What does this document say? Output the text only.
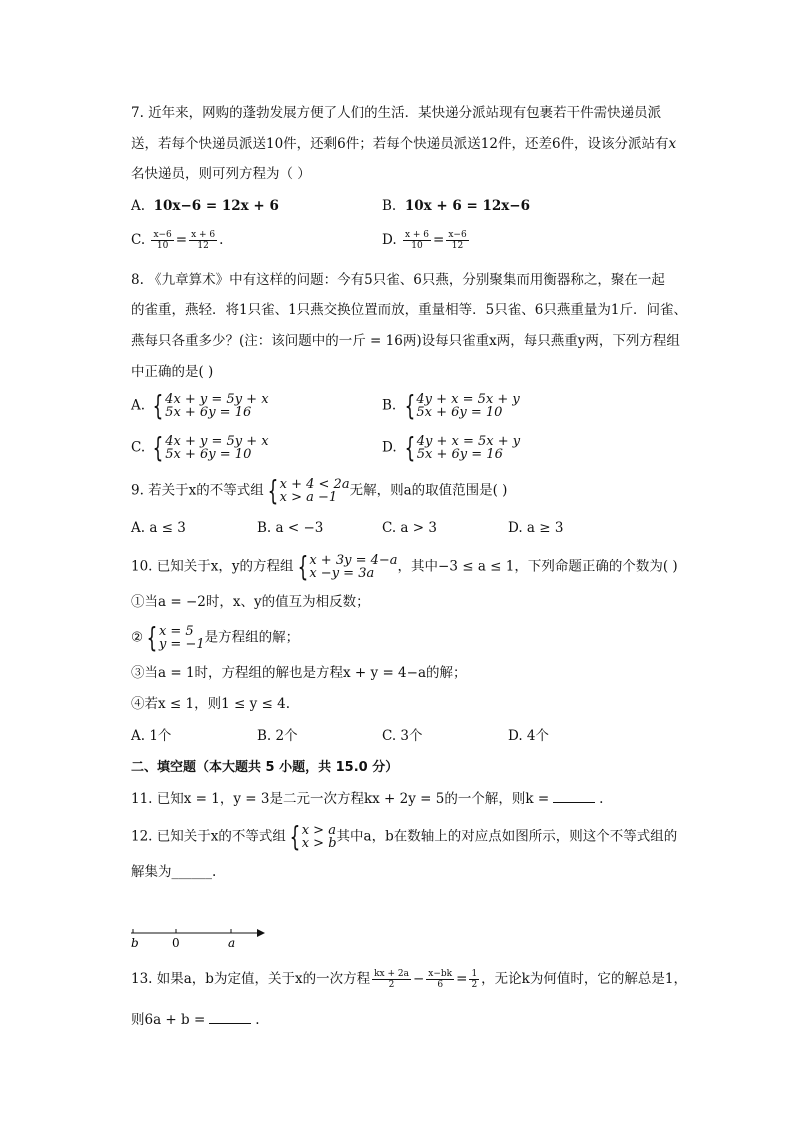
7. 近年来，网购的蓬勃发展方便了人们的生活．某快递分派站现有包裹若干件需快递员派
送，若每个快递员派送10件，还剩6件；若每个快递员派送12件，还差6件，设该分派站有x
名快递员，则可列方程为（ ）
A. 10x−6 = 12x + 6	B. 10x + 6 = 12x−6
C. $\frac{x-6}{10} = \frac{x + 6}{12}$ .	D. $\frac{x + 6}{10} = \frac{x-6}{12}$
8. 《九章算术》中有这样的问题：今有5只雀、6只燕，分别聚集而用衡器称之，聚在一起
的雀重，燕轻．将1只雀、1只燕交换位置而放，重量相等．5只雀、6只燕重量为1斤．问雀、
燕每只各重多少？(注：该问题中的一斤 = 16两)设每只雀重x两，每只燕重y两，下列方程组
中正确的是( )
A. { 4x + y = 5y + x
5x + 6y = 16	B. { 4y + x = 5x + y
5x + 6y = 10
C. { 4x + y = 5y + x
5x + 6y = 10	D. { 4y + x = 5x + y
5x + 6y = 16
9. 若关于x的不等式组 { x + 4 < 2a
x > a −1 无解，则a的取值范围是( )
A. a ≤ 3	B. a < −3	C. a > 3	D. a ≥ 3
10. 已知关于x，y的方程组 { x + 3y = 4−a
x −y = 3a	，其中−3 ≤ a ≤ 1，下列命题正确的个数为( )
①当a = −2时，x、y的值互为相反数；
② { x = 5
y = −1 是方程组的解；
③当a = 1时，方程组的解也是方程x + y = 4−a的解；
④若x ≤ 1，则1 ≤ y ≤ 4.
A. 1个	B. 2个	C. 3个	D. 4个
二、填空题（本大题共 5 小题，共 15.0 分）
11. 已知x = 1，y = 3是二元一次方程kx + 2y = 5的一个解，则k =	.
12. 已知关于x的不等式组 { x > a
x > b 其中a，b在数轴上的对应点如图所示，则这个不等式组的
解集为______.
b	0	a
13. 如果a，b为定值，关于x的一次方程 $\frac{kx + 2a}{2} - \frac{x-bk}{6} = \frac{1}{2}$ ，无论k为何值时，它的解总是1，
则6a + b =	.
